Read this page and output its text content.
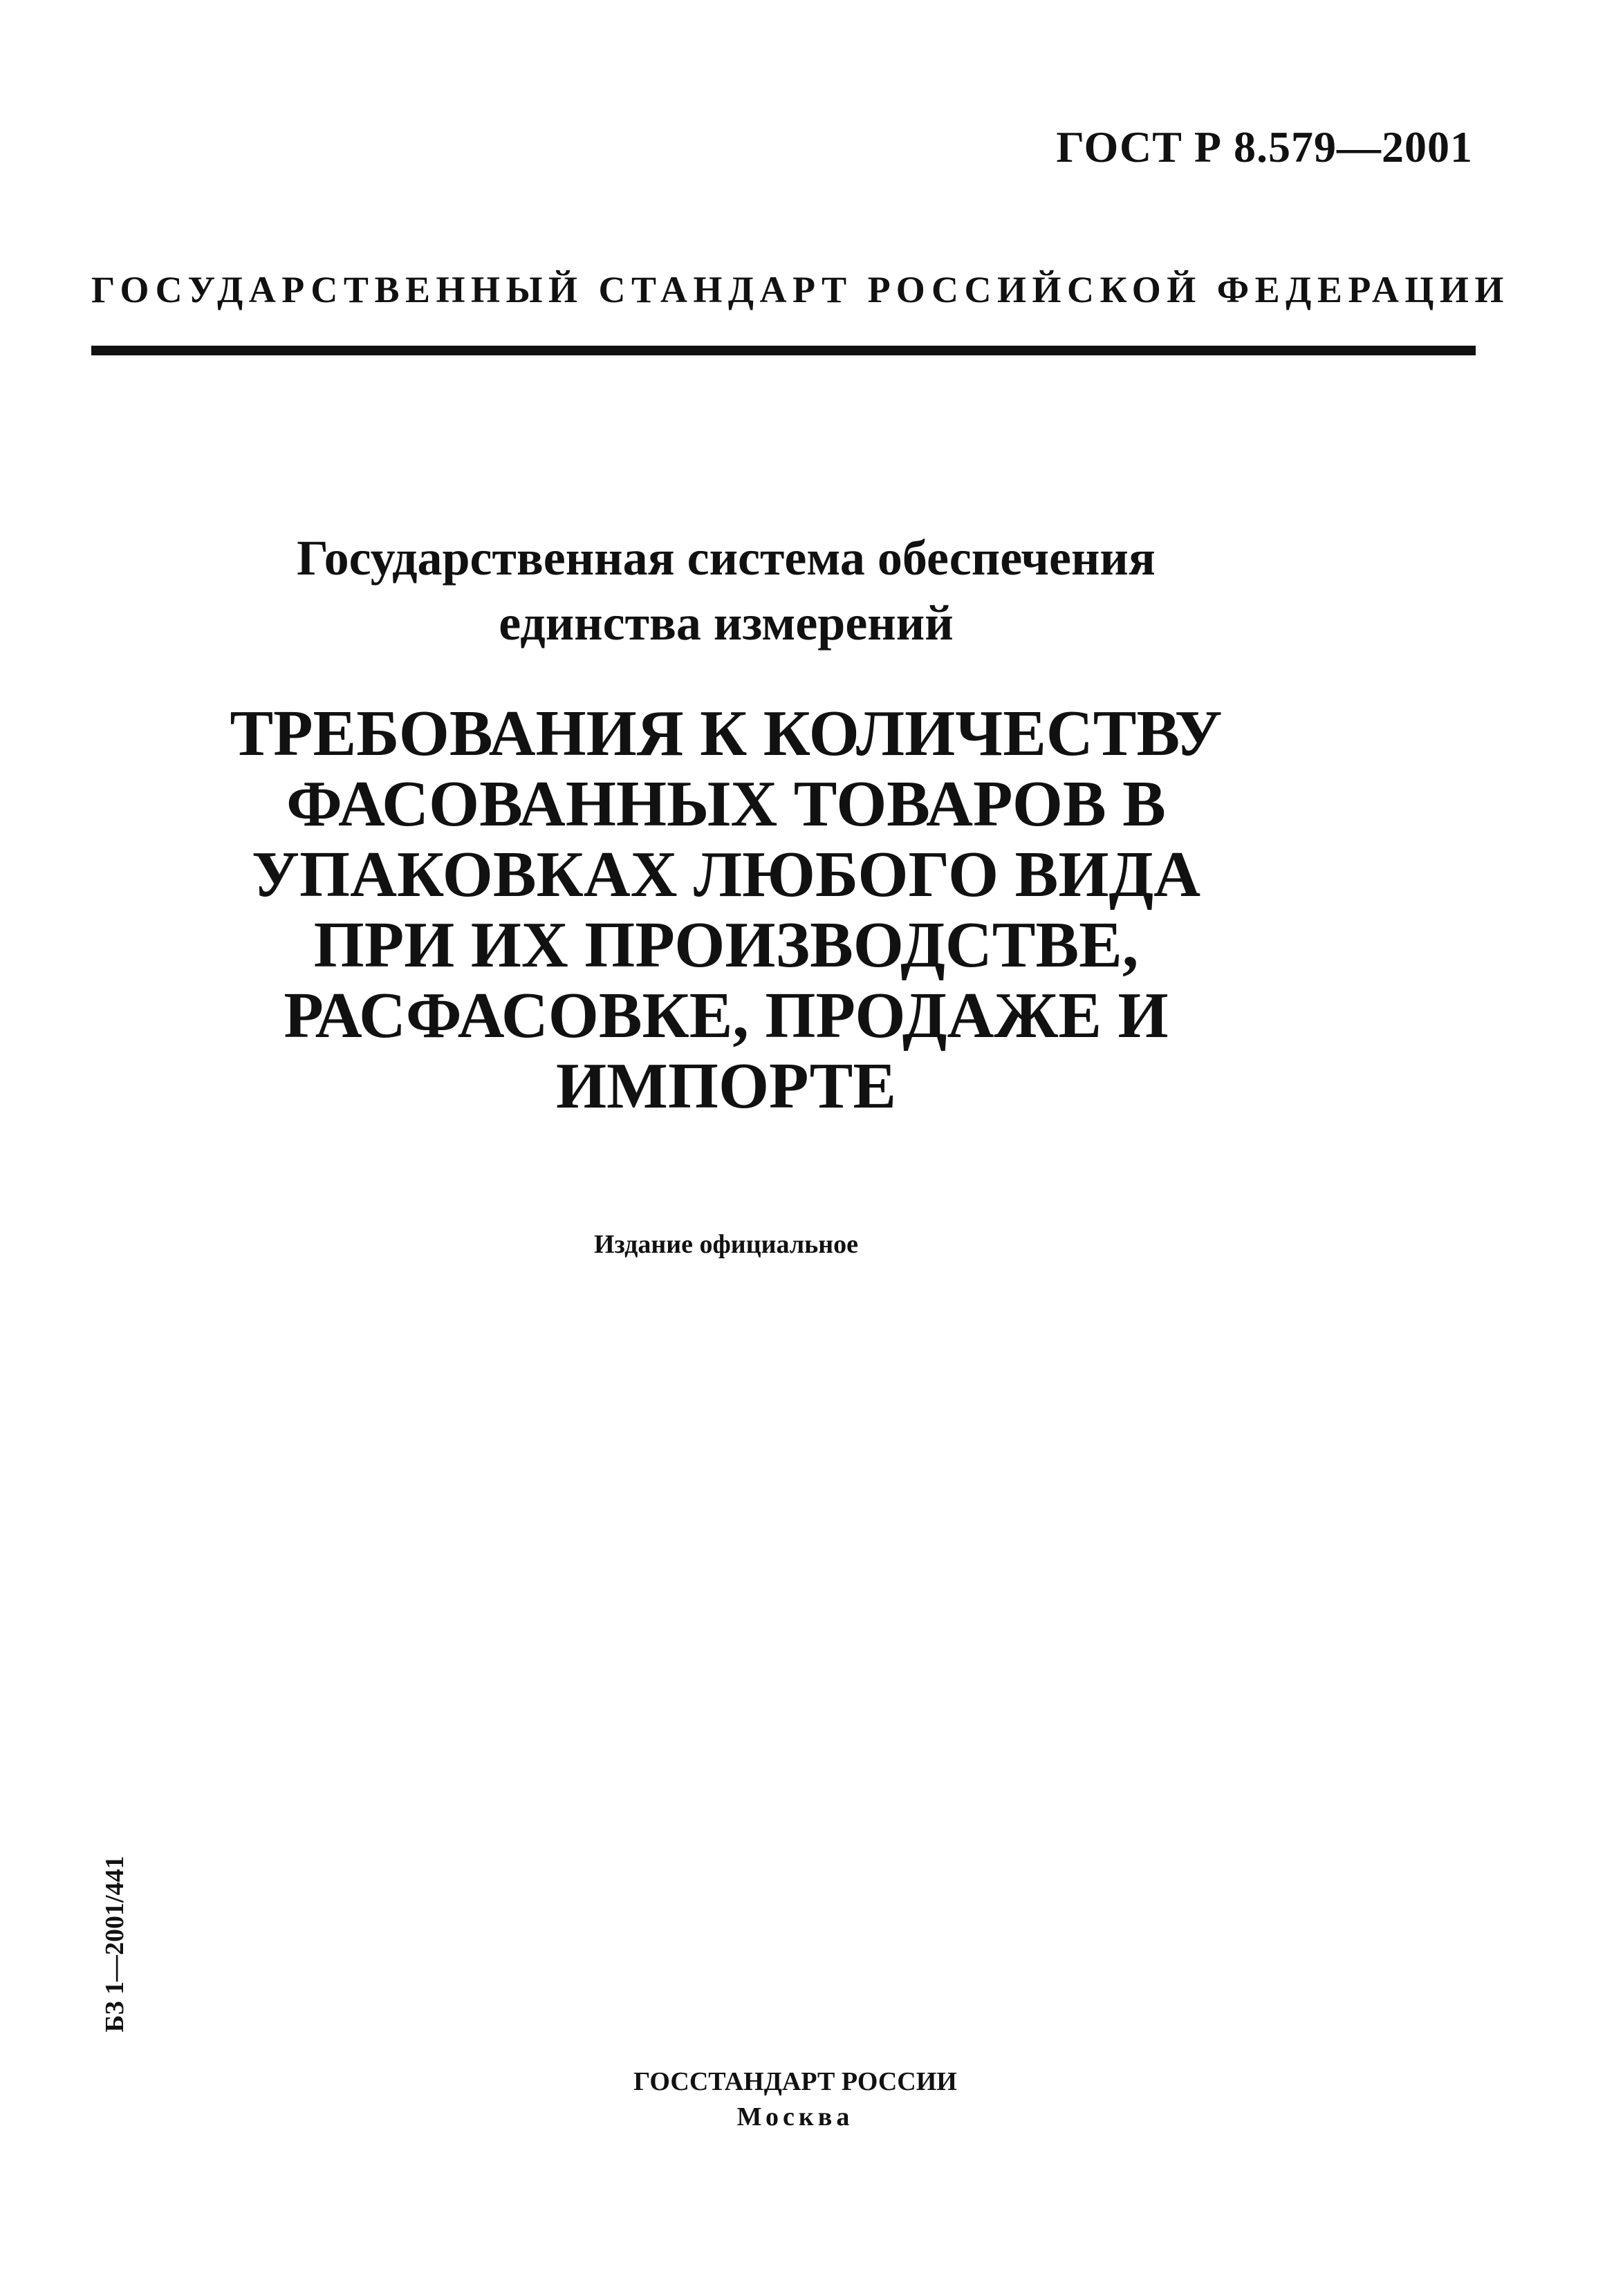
ГОСТ Р 8.579—2001
ГОСУДАРСТВЕННЫЙ СТАНДАРТ РОССИЙСКОЙ ФЕДЕРАЦИИ
Государственная система обеспечения
единства измерений
ТРЕБОВАНИЯ К КОЛИЧЕСТВУ
ФАСОВАННЫХ ТОВАРОВ В
УПАКОВКАХ ЛЮБОГО ВИДА
ПРИ ИХ ПРОИЗВОДСТВЕ,
РАСФАСОВКЕ, ПРОДАЖЕ И
ИМПОРТЕ
Издание официальное
БЗ 1—2001/441
ГОССТАНДАРТ РОССИИ
Москва
